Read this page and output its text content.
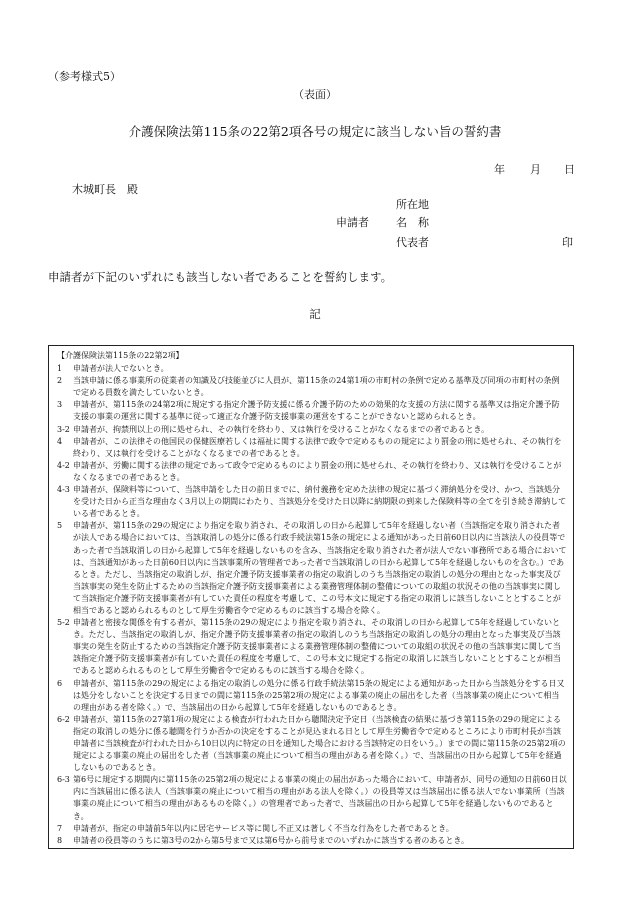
（参考様式5）
（表面）
介護保険法第115条の22第2項各号の規定に該当しない旨の誓約書
年 月 日
木城町長　殿
所在地
申請者 名　称
代表者	印
申請者が下記のいずれにも該当しない者であることを誓約します。
記
【介護保険法第115条の22第2項】
1 申請者が法人でないとき。
2 当該申請に係る事業所の従業者の知識及び技能並びに人員が、第115条の24第1項の市町村の条例で定める基準及び同項の市町村の条例で定める員数を満たしていないとき。
3 申請者が、第115条の24第2項に規定する指定介護予防支援に係る介護予防のための効果的な支援の方法に関する基準又は指定介護予防支援の事業の運営に関する基準に従って適正な介護予防支援事業の運営をすることができないと認められるとき。
3-2 申請者が、拘禁刑以上の刑に処せられ、その執行を終わり、又は執行を受けることがなくなるまでの者であるとき。
4 申請者が、この法律その他国民の保健医療若しくは福祉に関する法律で政令で定めるものの規定により罰金の刑に処せられ、その執行を終わり、又は執行を受けることがなくなるまでの者であるとき。
4-2 申請者が、労働に関する法律の規定であって政令で定めるものにより罰金の刑に処せられ、その執行を終わり、又は執行を受けることがなくなるまでの者であるとき。
4-3 申請者が、保険料等について、当該申請をした日の前日までに、納付義務を定めた法律の規定に基づく滞納処分を受け、かつ、当該処分を受けた日から正当な理由なく3月以上の期間にわたり、当該処分を受けた日以降に納期限の到来した保険料等の全てを引き続き滞納している者であるとき。
5 申請者が、第115条の29の規定により指定を取り消され、その取消しの日から起算して5年を経過しない者（当該指定を取り消された者が法人である場合においては、当該取消しの処分に係る行政手続法第15条の規定による通知があった日前60日以内に当該法人の役員等であった者で当該取消しの日から起算して5年を経過しないものを含み、当該指定を取り消された者が法人でない事務所である場合においては、当該通知があった日前60日以内に当該事業所の管理者であった者で当該取消しの日から起算して5年を経過しないものを含む。）であるとき。ただし、当該指定の取消しが、指定介護予防支援事業者の指定の取消しのうち当該指定の取消しの処分の理由となった事実及び当該事実の発生を防止するための当該指定介護予防支援事業者による業務管理体制の整備についての取組の状況その他の当該事実に関して当該指定介護予防支援事業者が有していた責任の程度を考慮して、この号本文に規定する指定の取消しに該当しないこととすることが相当であると認められるものとして厚生労働省令で定めるものに該当する場合を除く。
5-2 申請者と密接な関係を有する者が、第115条の29の規定により指定を取り消され、その取消しの日から起算して5年を経過していないとき。ただし、当該指定の取消しが、指定介護予防支援事業者の指定の取消しのうち当該指定の取消しの処分の理由となった事実及び当該事実の発生を防止するための当該指定介護予防支援事業者による業務管理体制の整備についての取組の状況その他の当該事実に関して当該指定介護予防支援事業者が有していた責任の程度を考慮して、この号本文に規定する指定の取消しに該当しないこととすることが相当であると認められるものとして厚生労働省令で定めるものに該当する場合を除く。
6 申請者が、第115条の29の規定による指定の取消しの処分に係る行政手続法第15条の規定による通知があった日から当該処分をする日又は処分をしないことを決定する日までの間に第115条の25第2項の規定による事業の廃止の届出をした者（当該事業の廃止について相当の理由がある者を除く。）で、当該届出の日から起算して5年を経過しないものであるとき。
6-2 申請者が、第115条の27第1項の規定による検査が行われた日から聴聞決定予定日（当該検査の結果に基づき第115条の29の規定による指定の取消しの処分に係る聴聞を行うか否かの決定をすることが見込まれる日として厚生労働省令で定めるところにより市町村長が当該申請者に当該検査が行われた日から10日以内に特定の日を通知した場合における当該特定の日をいう。）までの間に第115条の25第2項の規定による事業の廃止の届出をした者（当該事業の廃止について相当の理由がある者を除く。）で、当該届出の日から起算して5年を経過しないものであるとき。
6-3 第6号に規定する期間内に第115条の25第2項の規定による事業の廃止の届出があった場合において、申請者が、同号の通知の日前60日以内に当該届出に係る法人（当該事業の廃止について相当の理由がある法人を除く。）の役員等又は当該届出に係る法人でない事業所（当該事業の廃止について相当の理由があるものを除く。）の管理者であった者で、当該届出の日から起算して5年を経過しないものであるとき。
7 申請者が、指定の申請前5年以内に居宅サービス等に関し不正又は著しく不当な行為をした者であるとき。
8 申請者の役員等のうちに第3号の2から第5号まで又は第6号から前号までのいずれかに該当する者のあるとき。
